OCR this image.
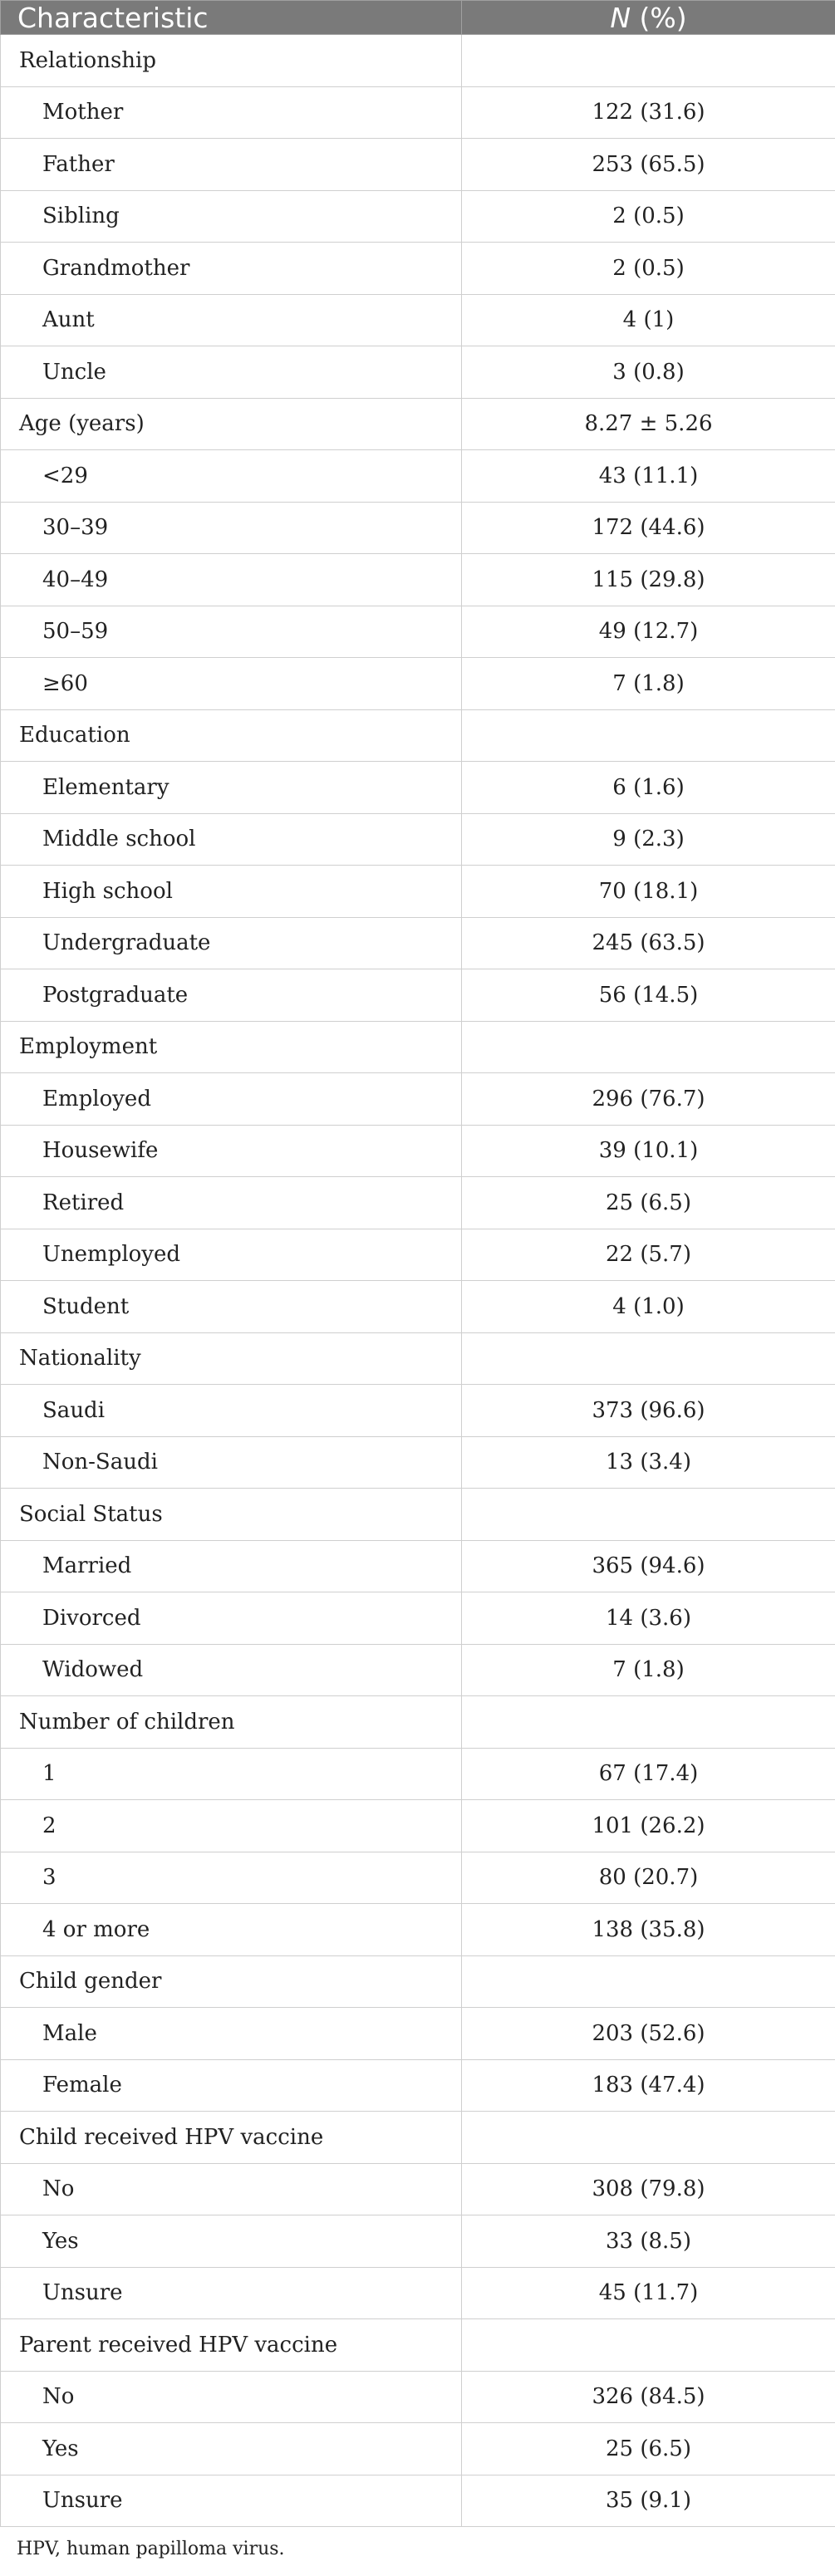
Characteristic	N (%)
Relationship	
Mother	122 (31.6)
Father	253 (65.5)
Sibling	2 (0.5)
Grandmother	2 (0.5)
Aunt	4 (1)
Uncle	3 (0.8)
Age (years)	8.27 ± 5.26
<29	43 (11.1)
30–39	172 (44.6)
40–49	115 (29.8)
50–59	49 (12.7)
≥60	7 (1.8)
Education	
Elementary	6 (1.6)
Middle school	9 (2.3)
High school	70 (18.1)
Undergraduate	245 (63.5)
Postgraduate	56 (14.5)
Employment	
Employed	296 (76.7)
Housewife	39 (10.1)
Retired	25 (6.5)
Unemployed	22 (5.7)
Student	4 (1.0)
Nationality	
Saudi	373 (96.6)
Non-Saudi	13 (3.4)
Social Status	
Married	365 (94.6)
Divorced	14 (3.6)
Widowed	7 (1.8)
Number of children	
1	67 (17.4)
2	101 (26.2)
3	80 (20.7)
4 or more	138 (35.8)
Child gender	
Male	203 (52.6)
Female	183 (47.4)
Child received HPV vaccine	
No	308 (79.8)
Yes	33 (8.5)
Unsure	45 (11.7)
Parent received HPV vaccine	
No	326 (84.5)
Yes	25 (6.5)
Unsure	35 (9.1)
HPV, human papilloma virus.
